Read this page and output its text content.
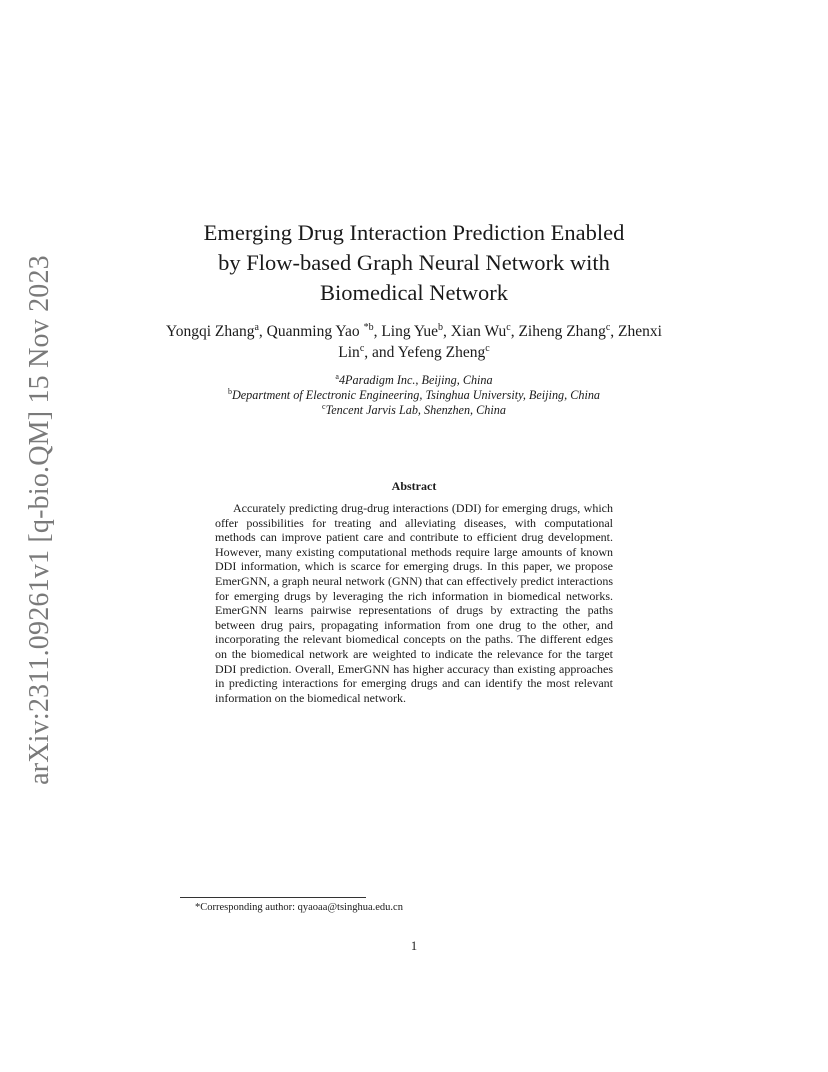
arXiv:2311.09261v1 [q-bio.QM] 15 Nov 2023
Emerging Drug Interaction Prediction Enabled
by Flow-based Graph Neural Network with
Biomedical Network
Yongqi Zhang$^a$, Quanming Yao $^{*b}$, Ling Yue$^b$, Xian Wu$^c$, Ziheng Zhang$^c$, Zhenxi Lin$^c$, and Yefeng Zheng$^c$
$^a$4Paradigm Inc., Beijing, China
$^b$Department of Electronic Engineering, Tsinghua University, Beijing, China
$^c$Tencent Jarvis Lab, Shenzhen, China
Abstract

Accurately predicting drug-drug interactions (DDI) for emerging drugs, which offer possibilities for treating and alleviating diseases, with computational methods can improve patient care and contribute to efficient drug development. However, many existing computational methods require large amounts of known DDI information, which is scarce for emerging drugs. In this paper, we propose EmerGNN, a graph neural network (GNN) that can effectively predict interactions for emerging drugs by leveraging the rich information in biomedical networks. EmerGNN learns pairwise representations of drugs by extracting the paths between drug pairs, propagating information from one drug to the other, and incorporating the relevant biomedical concepts on the paths. The different edges on the biomedical network are weighted to indicate the relevance for the target DDI prediction. Overall, EmerGNN has higher accuracy than existing approaches in predicting interactions for emerging drugs and can identify the most relevant information on the biomedical network.

*Corresponding author: qyaoaa@tsinghua.edu.cn
1
